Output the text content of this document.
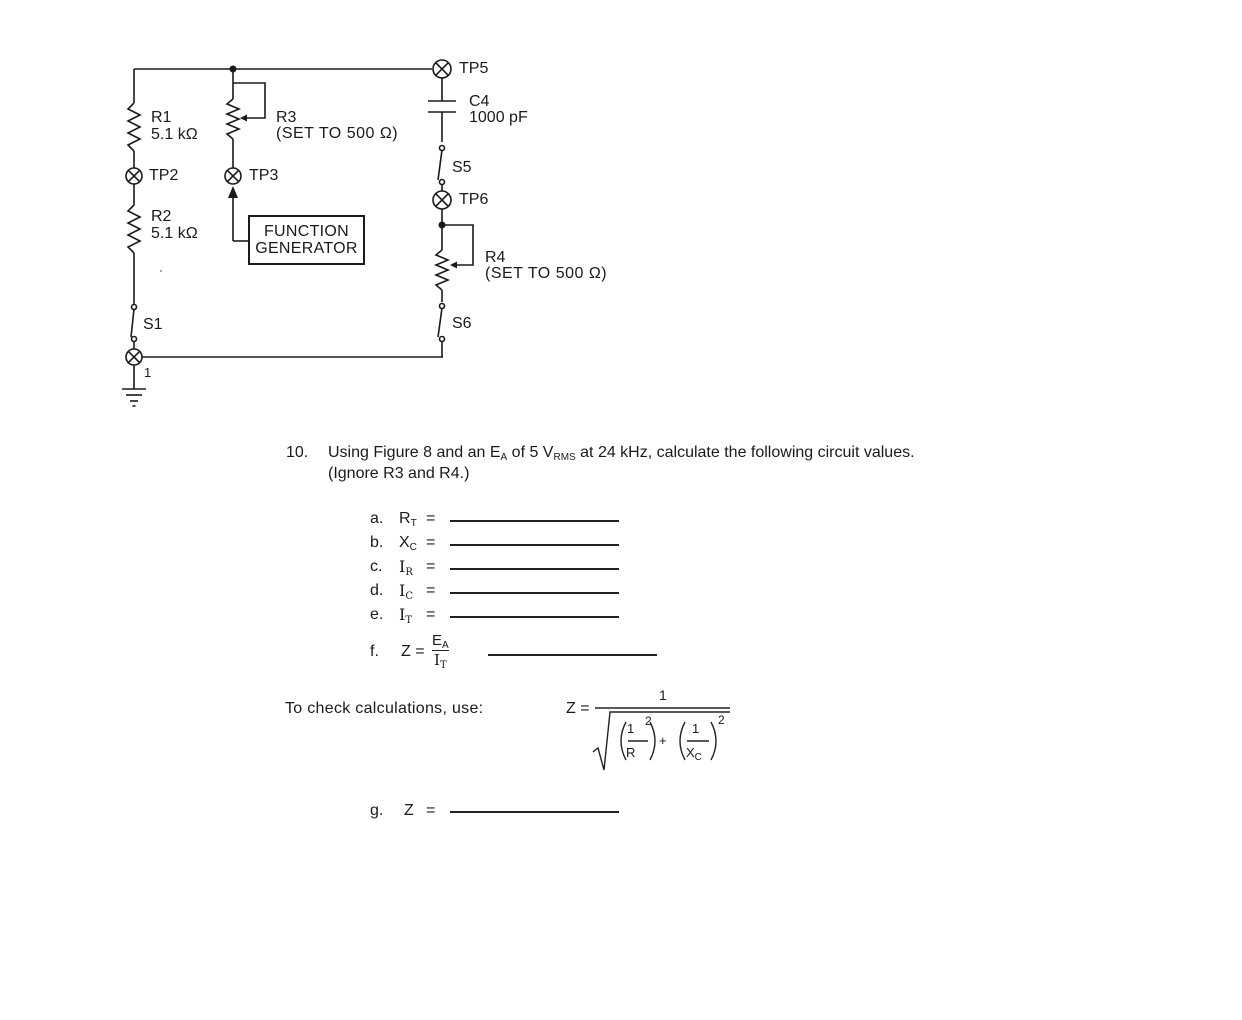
R1
5.1 kΩ
TP2
R2
5.1 kΩ
S1
1
R3
(SET TO 500 Ω)
TP3
FUNCTION
GENERATOR
TP5
C4
1000 pF
S5
TP6
R4
(SET TO 500 Ω)
S6
10. Using Figure 8 and an $E_A$ of 5 $V_{RMS}$ at 24 kHz, calculate the following circuit values.
(Ignore R3 and R4.)
a. $R_T$ =
b. $X_C$ =
c. $I_R$ =
d. $I_C$ =
e. $I_T$ =
f. Z =
$E_A$
$I_T$
To check calculations, use:	Z =
1
1
R
2
+
1
$X_C$
2
g. Z =
